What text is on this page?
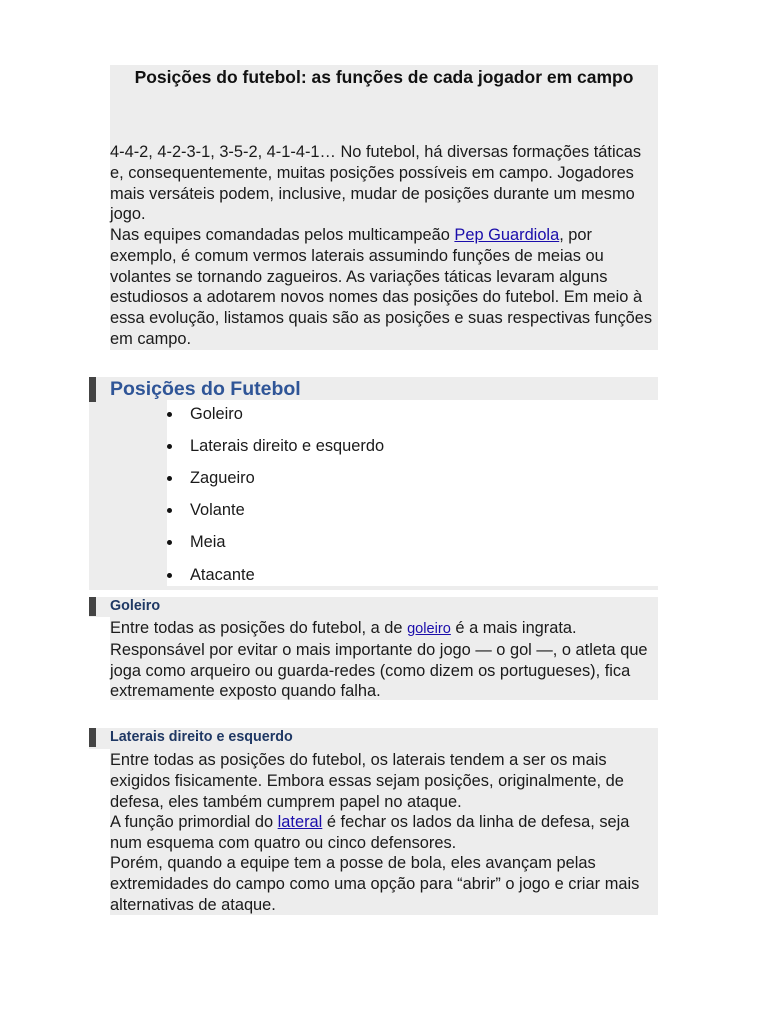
Posições do futebol: as funções de cada jogador em campo

4-4-2, 4-2-3-1, 3-5-2, 4-1-4-1… No futebol, há diversas formações táticas e, consequentemente, muitas posições possíveis em campo. Jogadores mais versáteis podem, inclusive, mudar de posições durante um mesmo jogo.

Nas equipes comandadas pelos multicampeão Pep Guardiola, por exemplo, é comum vermos laterais assumindo funções de meias ou volantes se tornando zagueiros. As variações táticas levaram alguns estudiosos a adotarem novos nomes das posições do futebol. Em meio à essa evolução, listamos quais são as posições e suas respectivas funções em campo.

Posições do Futebol
Goleiro
Laterais direito e esquerdo
Zagueiro
Volante
Meia
Atacante
Goleiro

Entre todas as posições do futebol, a de goleiro é a mais ingrata. Responsável por evitar o mais importante do jogo — o gol —, o atleta que joga como arqueiro ou guarda-redes (como dizem os portugueses), fica extremamente exposto quando falha.

Laterais direito e esquerdo

Entre todas as posições do futebol, os laterais tendem a ser os mais exigidos fisicamente. Embora essas sejam posições, originalmente, de defesa, eles também cumprem papel no ataque.

A função primordial do lateral é fechar os lados da linha de defesa, seja num esquema com quatro ou cinco defensores.

Porém, quando a equipe tem a posse de bola, eles avançam pelas extremidades do campo como uma opção para “abrir” o jogo e criar mais alternativas de ataque.
